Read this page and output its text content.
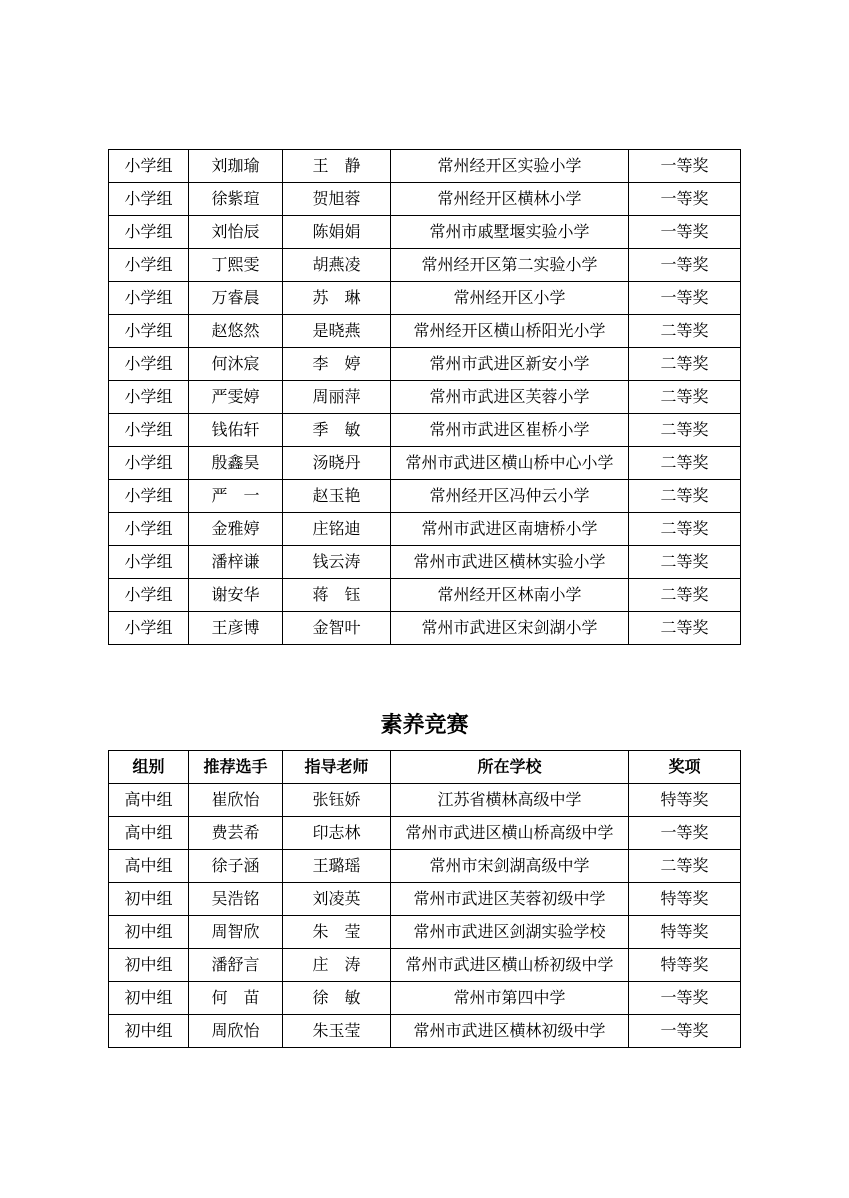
小学组	刘珈瑜	王　静	常州经开区实验小学	一等奖
小学组	徐紫瑄	贺旭蓉	常州经开区横林小学	一等奖
小学组	刘怡辰	陈娟娟	常州市戚墅堰实验小学	一等奖
小学组	丁熙雯	胡燕凌	常州经开区第二实验小学	一等奖
小学组	万睿晨	苏　琳	常州经开区小学	一等奖
小学组	赵悠然	是晓燕	常州经开区横山桥阳光小学	二等奖
小学组	何沐宸	李　婷	常州市武进区新安小学	二等奖
小学组	严雯婷	周丽萍	常州市武进区芙蓉小学	二等奖
小学组	钱佑轩	季　敏	常州市武进区崔桥小学	二等奖
小学组	殷鑫昊	汤晓丹	常州市武进区横山桥中心小学	二等奖
小学组	严　一	赵玉艳	常州经开区冯仲云小学	二等奖
小学组	金雅婷	庄铭迪	常州市武进区南塘桥小学	二等奖
小学组	潘梓谦	钱云涛	常州市武进区横林实验小学	二等奖
小学组	谢安华	蒋　钰	常州经开区林南小学	二等奖
小学组	王彦博	金智叶	常州市武进区宋剑湖小学	二等奖
素养竞赛
组别	推荐选手	指导老师	所在学校	奖项
高中组	崔欣怡	张钰娇	江苏省横林高级中学	特等奖
高中组	费芸希	印志林	常州市武进区横山桥高级中学	一等奖
高中组	徐子涵	王璐瑶	常州市宋剑湖高级中学	二等奖
初中组	吴浩铭	刘凌英	常州市武进区芙蓉初级中学	特等奖
初中组	周智欣	朱　莹	常州市武进区剑湖实验学校	特等奖
初中组	潘舒言	庄　涛	常州市武进区横山桥初级中学	特等奖
初中组	何　苗	徐　敏	常州市第四中学	一等奖
初中组	周欣怡	朱玉莹	常州市武进区横林初级中学	一等奖
